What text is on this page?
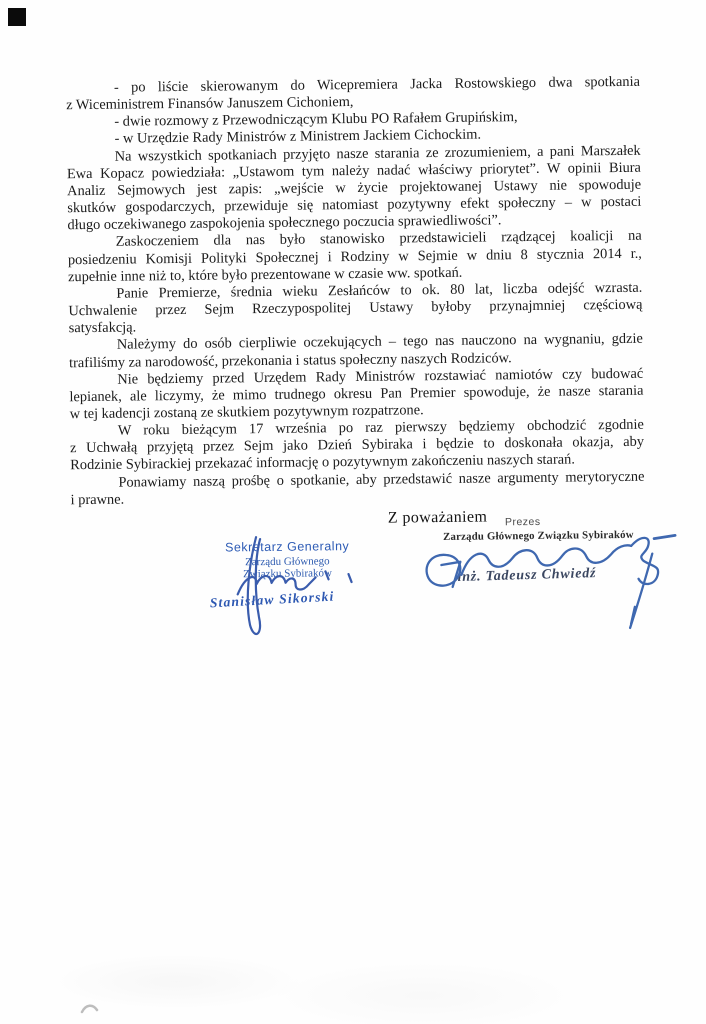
- po liście skierowanym do Wicepremiera Jacka Rostowskiego dwa spotkania
z Wiceministrem Finansów Januszem Cichoniem,

- dwie rozmowy z Przewodniczącym Klubu PO Rafałem Grupińskim,

- w Urzędzie Rady Ministrów z Ministrem Jackiem Cichockim.

Na wszystkich spotkaniach przyjęto nasze starania ze zrozumieniem, a pani Marszałek
Ewa Kopacz powiedziała: „Ustawom tym należy nadać właściwy priorytet”. W opinii Biura
Analiz Sejmowych jest zapis: „wejście w życie projektowanej Ustawy nie spowoduje
skutków gospodarczych, przewiduje się natomiast pozytywny efekt społeczny – w postaci
długo oczekiwanego zaspokojenia społecznego poczucia sprawiedliwości”.

Zaskoczeniem dla nas było stanowisko przedstawicieli rządzącej koalicji na
posiedzeniu Komisji Polityki Społecznej i Rodziny w Sejmie w dniu 8 stycznia 2014 r.,
zupełnie inne niż to, które było prezentowane w czasie ww. spotkań.

Panie Premierze, średnia wieku Zesłańców to ok. 80 lat, liczba odejść wzrasta.
Uchwalenie przez Sejm Rzeczypospolitej Ustawy byłoby przynajmniej częściową
satysfakcją.

Należymy do osób cierpliwie oczekujących – tego nas nauczono na wygnaniu, gdzie
trafiliśmy za narodowość, przekonania i status społeczny naszych Rodziców.

Nie będziemy przed Urzędem Rady Ministrów rozstawiać namiotów czy budować
lepianek, ale liczymy, że mimo trudnego okresu Pan Premier spowoduje, że nasze starania
w tej kadencji zostaną ze skutkiem pozytywnym rozpatrzone.

W roku bieżącym 17 września po raz pierwszy będziemy obchodzić zgodnie
z Uchwałą przyjętą przez Sejm jako Dzień Sybiraka i będzie to doskonała okazja, aby
Rodzinie Sybirackiej przekazać informację o pozytywnym zakończeniu naszych starań.

Ponawiamy naszą prośbę o spotkanie, aby przedstawić nasze argumenty merytoryczne
i prawne.

Z poważaniem Prezes
Zarządu Głównego Związku Sybiraków
inż. Tadeusz Chwiedź
Sekretarz Generalny
Zarządu Głównego
Związku Sybiraków
Stanisław Sikorski
